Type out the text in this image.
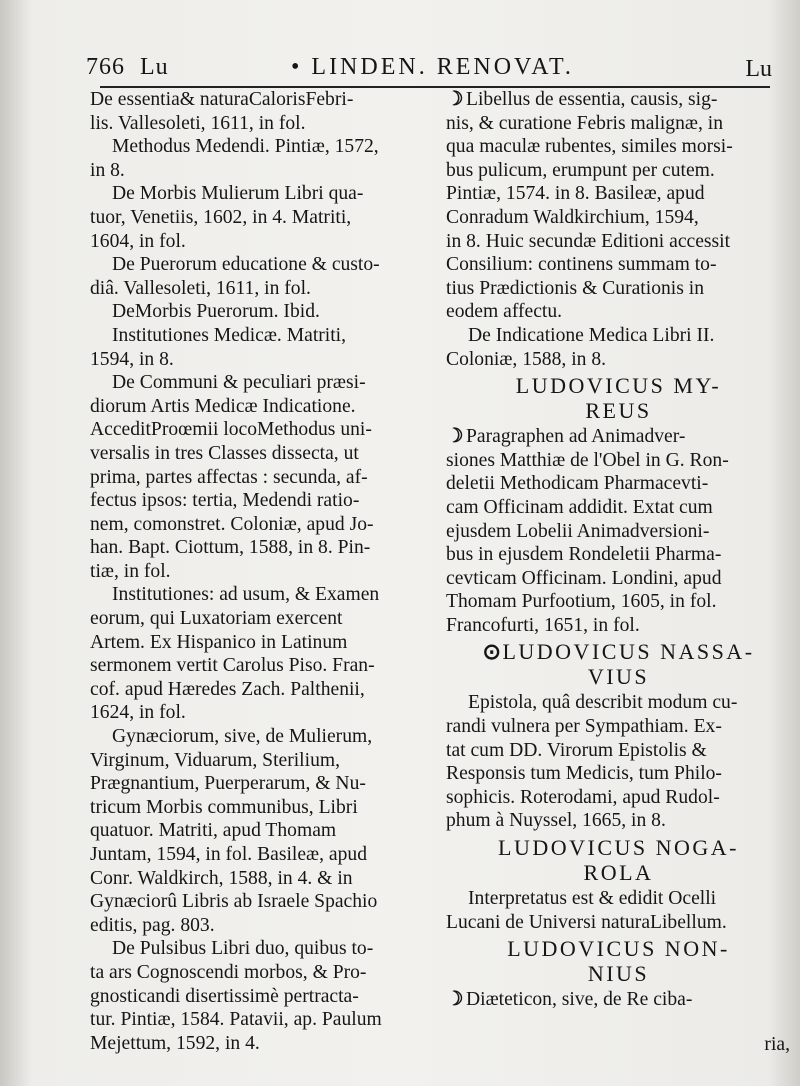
766 Lu	• LINDEN. RENOVAT.	Lu
De essentia& naturaCalorisFebri-
lis. Vallesoleti, 1611, in fol.
Methodus Medendi. Pintiæ, 1572,
in 8.
De Morbis Mulierum Libri qua-
tuor, Venetiis, 1602, in 4. Matriti,
1604, in fol.
De Puerorum educatione & custo-
diâ. Vallesoleti, 1611, in fol.
DeMorbis Puerorum. Ibid.
Institutiones Medicæ. Matriti,
1594, in 8.
De Communi & peculiari præsi-
diorum Artis Medicæ Indicatione.
AcceditProœmii locoMethodus uni-
versalis in tres Classes dissecta, ut
prima, partes affectas : secunda, af-
fectus ipsos: tertia, Medendi ratio-
nem, comonstret. Coloniæ, apud Jo-
han. Bapt. Ciottum, 1588, in 8. Pin-
tiæ, in fol.
Institutiones: ad usum, & Examen
eorum, qui Luxatoriam exercent
Artem. Ex Hispanico in Latinum
sermonem vertit Carolus Piso. Fran-
cof. apud Hæredes Zach. Palthenii,
1624, in fol.
Gynæciorum, sive, de Mulierum,
Virginum, Viduarum, Sterilium,
Prægnantium, Puerperarum, & Nu-
tricum Morbis communibus, Libri
quatuor. Matriti, apud Thomam
Juntam, 1594, in fol. Basileæ, apud
Conr. Waldkirch, 1588, in 4. & in
Gynæciorû Libris ab Israele Spachio
editis, pag. 803.
De Pulsibus Libri duo, quibus to-
ta ars Cognoscendi morbos, & Pro-
gnosticandi disertissimè pertracta-
tur. Pintiæ, 1584. Patavii, ap. Paulum
Mejettum, 1592, in 4.
☽ Libellus de essentia, causis, sig-
nis, & curatione Febris malignæ, in
qua maculæ rubentes, similes morsi-
bus pulicum, erumpunt per cutem.
Pintiæ, 1574. in 8. Basileæ, apud
Conradum Waldkirchium, 1594,
in 8. Huic secundæ Editioni accessit
Consilium: continens summam to-
tius Prædictionis & Curationis in
eodem affectu.
De Indicatione Medica Libri II.
Coloniæ, 1588, in 8.
LUDOVICUS MY-
REUS
☽ Paragraphen ad Animadver-
siones Matthiæ de l'Obel in G. Ron-
deletii Methodicam Pharmacevti-
cam Officinam addidit. Extat cum
ejusdem Lobelii Animadversioni-
bus in ejusdem Rondeletii Pharma-
cevticam Officinam. Londini, apud
Thomam Purfootium, 1605, in fol.
Francofurti, 1651, in fol.
⊙LUDOVICUS NASSA-
VIUS
Epistola, quâ describit modum cu-
randi vulnera per Sympathiam. Ex-
tat cum DD. Virorum Epistolis &
Responsis tum Medicis, tum Philo-
sophicis. Roterodami, apud Rudol-
phum à Nuyssel, 1665, in 8.
LUDOVICUS NOGA-
ROLA
Interpretatus est & edidit Ocelli
Lucani de Universi naturaLibellum.
LUDOVICUS NON-
NIUS
☽ Diæteticon, sive, de Re ciba-
ria,
